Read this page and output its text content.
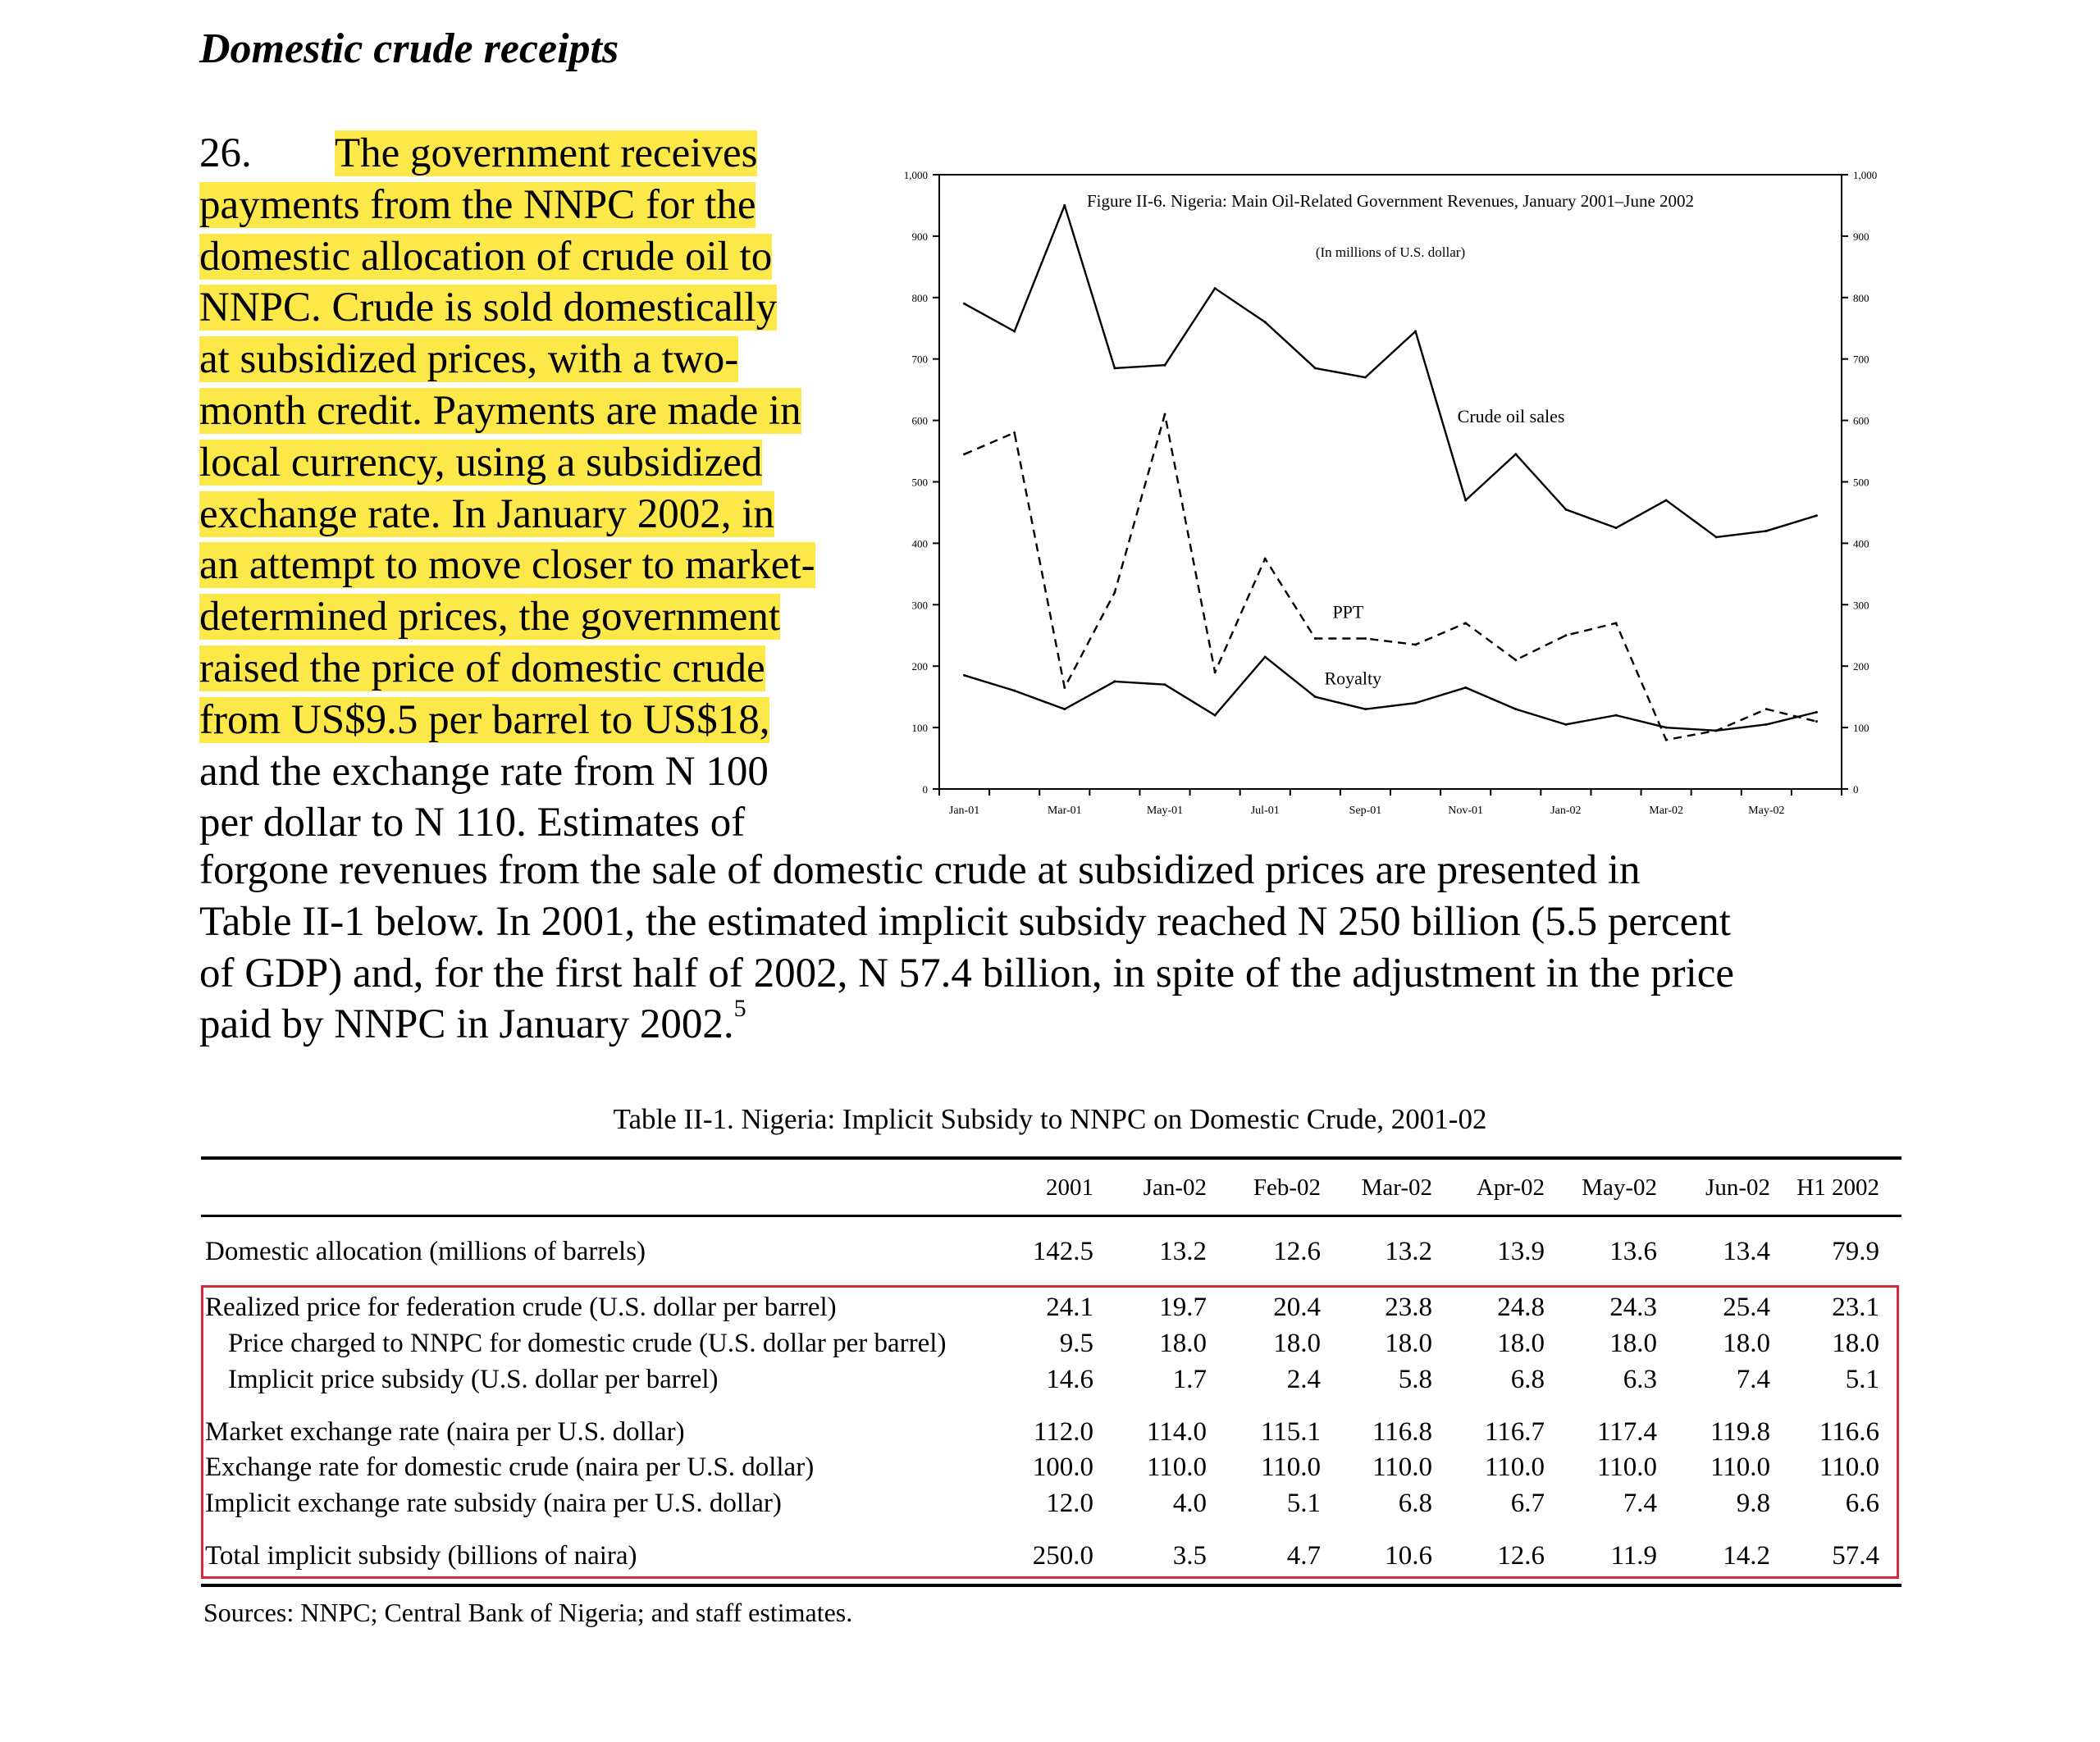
Domestic crude receipts
26. The government receives
payments from the NNPC for the
domestic allocation of crude oil to
NNPC. Crude is sold domestically
at subsidized prices, with a two-
month credit. Payments are made in
local currency, using a subsidized
exchange rate. In January 2002, in
an attempt to move closer to market-
determined prices, the government
raised the price of domestic crude
from US$9.5 per barrel to US$18,
and the exchange rate from N 100
per dollar to N 110. Estimates of
forgone revenues from the sale of domestic crude at subsidized prices are presented in
Table II-1 below. In 2001, the estimated implicit subsidy reached N 250 billion (5.5 percent
of GDP) and, for the first half of 2002, N 57.4 billion, in spite of the adjustment in the price
paid by NNPC in January 2002.$^5$
0	0
100	100
200	200
300	300
400	400
500	500
600	600
700	700
800	800
900	900
1,000	1,000
Jan-01	Mar-01	May-01	Jul-01	Sep-01	Nov-01	Jan-02	Mar-02	May-02
Figure II-6. Nigeria: Main Oil-Related Government Revenues, January 2001–June 2002
(In millions of U.S. dollar)
Crude oil sales
PPT
Royalty
Table II-1. Nigeria: Implicit Subsidy to NNPC on Domestic Crude, 2001-02
2001	Jan-02	Feb-02	Mar-02	Apr-02	May-02	Jun-02	H1 2002
Domestic allocation (millions of barrels)	142.5	13.2	12.6	13.2	13.9	13.6	13.4	79.9
Realized price for federation crude (U.S. dollar per barrel)	24.1	19.7	20.4	23.8	24.8	24.3	25.4	23.1
Price charged to NNPC for domestic crude (U.S. dollar per barrel)	9.5	18.0	18.0	18.0	18.0	18.0	18.0	18.0
Implicit price subsidy (U.S. dollar per barrel)	14.6	1.7	2.4	5.8	6.8	6.3	7.4	5.1
Market exchange rate (naira per U.S. dollar)	112.0	114.0	115.1	116.8	116.7	117.4	119.8	116.6
Exchange rate for domestic crude (naira per U.S. dollar)	100.0	110.0	110.0	110.0	110.0	110.0	110.0	110.0
Implicit exchange rate subsidy (naira per U.S. dollar)	12.0	4.0	5.1	6.8	6.7	7.4	9.8	6.6
Total implicit subsidy (billions of naira)	250.0	3.5	4.7	10.6	12.6	11.9	14.2	57.4
Sources: NNPC; Central Bank of Nigeria; and staff estimates.
